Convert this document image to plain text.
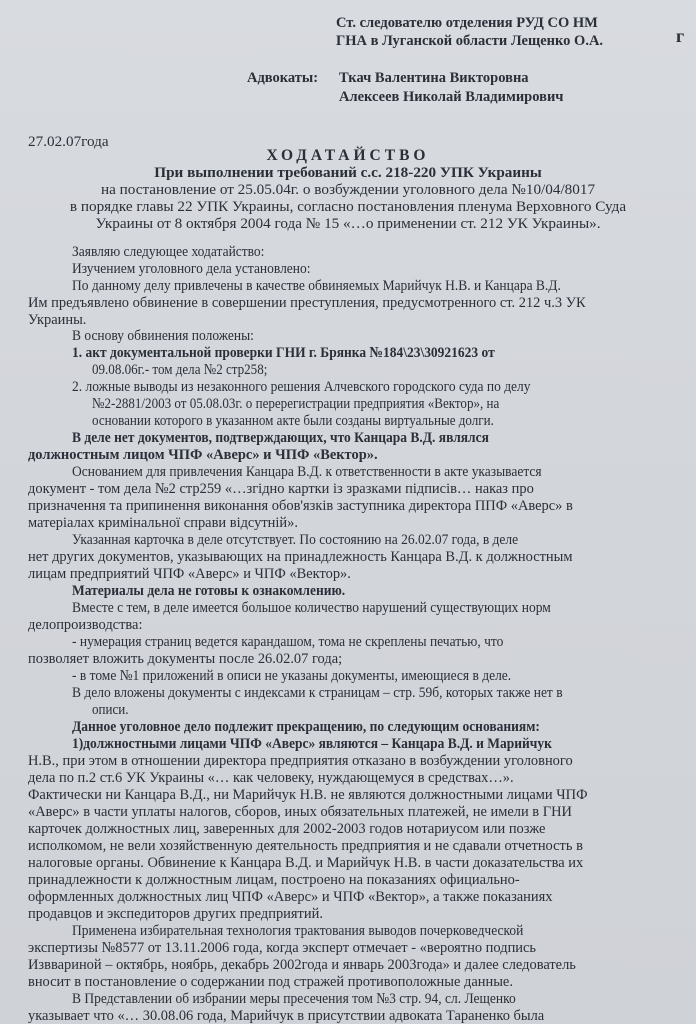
Ст. следователю отделения РУД СО НМ
ГНА в Луганской области Лещенко О.А.	г
Адвокаты: Ткач Валентина Викторовна
Алексеев Николай Владимирович
27.02.07года
ХОДАТАЙСТВО
При выполнении требований с.с. 218-220 УПК Украины
на постановление от 25.05.04г. о возбуждении уголовного дела №10/04/8017
в порядке главы 22 УПК Украины, согласно постановления пленума Верховного Суда
Украины от 8 октября 2004 года № 15 «…о применении ст. 212 УК Украины».
Заявляю следующее ходатайство:
Изучением уголовного дела установлено:
По данному делу привлечены в качестве обвиняемых Марийчук Н.В. и Канцара В.Д.
Им предъявлено обвинение в совершении преступления, предусмотренного ст. 212 ч.3 УК
Украины.
В основу обвинения положены:
1. акт документальной проверки ГНИ г. Брянка №184\23\30921623 от
09.08.06г.- том дела №2 стр258;
2. ложные выводы из незаконного решения Алчевского городского суда по делу
№2-2881/2003 от 05.08.03г. о перерегистрации предприятия «Вектор», на
основании которого в указанном акте были созданы виртуальные долги.
В деле нет документов, подтверждающих, что Канцара В.Д. являлся
должностным лицом ЧПФ «Аверс» и ЧПФ «Вектор».
Основанием для привлечения Канцара В.Д. к ответственности в акте указывается
документ - том дела №2 стр259 «…згідно картки із зразками підписів… наказ про
призначення та припинення виконання обов'язків заступника директора ППФ «Аверс» в
матеріалах кримінальної справи відсутній».
Указанная карточка в деле отсутствует. По состоянию на 26.02.07 года, в деле
нет других документов, указывающих на принадлежность Канцара В.Д. к должностным
лицам предприятий ЧПФ «Аверс» и ЧПФ «Вектор».
Материалы дела не готовы к ознакомлению.
Вместе с тем, в деле имеется большое количество нарушений существующих норм
делопроизводства:
- нумерация страниц ведется карандашом, тома не скреплены печатью, что
позволяет вложить документы после 26.02.07 года;
- в томе №1 приложений в описи не указаны документы, имеющиеся в деле.
В дело вложены документы с индексами к страницам – стр. 59б, которых также нет в
описи.
Данное уголовное дело подлежит прекращению, по следующим основаниям:
1)должностными лицами ЧПФ «Аверс» являются – Канцара В.Д. и Марийчук
Н.В., при этом в отношении директора предприятия отказано в возбуждении уголовного
дела по п.2 ст.6 УК Украины «… как человеку, нуждающемуся в средствах…».
Фактически ни Канцара В.Д., ни Марийчук Н.В. не являются должностными лицами ЧПФ
«Аверс» в части уплаты налогов, сборов, иных обязательных платежей, не имели в ГНИ
карточек должностных лиц, заверенных для 2002-2003 годов нотариусом или позже
исполкомом, не вели хозяйственную деятельность предприятия и не сдавали отчетность в
налоговые органы. Обвинение к Канцара В.Д. и Марийчук Н.В. в части доказательства их
принадлежности к должностным лицам, построено на показаниях официально-
оформленных должностных лиц ЧПФ «Аверс» и ЧПФ «Вектор», а также показаниях
продавцов и экспедиторов других предприятий.
Применена избирательная технология трактования выводов почерковедческой
экспертизы №8577 от 13.11.2006 года, когда эксперт отмечает - «вероятно подпись
Изввариной – октябрь, ноябрь, декабрь 2002года и январь 2003года» и далее следователь
вносит в постановление о содержании под стражей противоположные данные.
В Представлении об избрании меры пресечения том №3 стр. 94, сл. Лещенко
указывает что «… 30.08.06 года, Марийчук в присутствии адвоката Тараненко была
